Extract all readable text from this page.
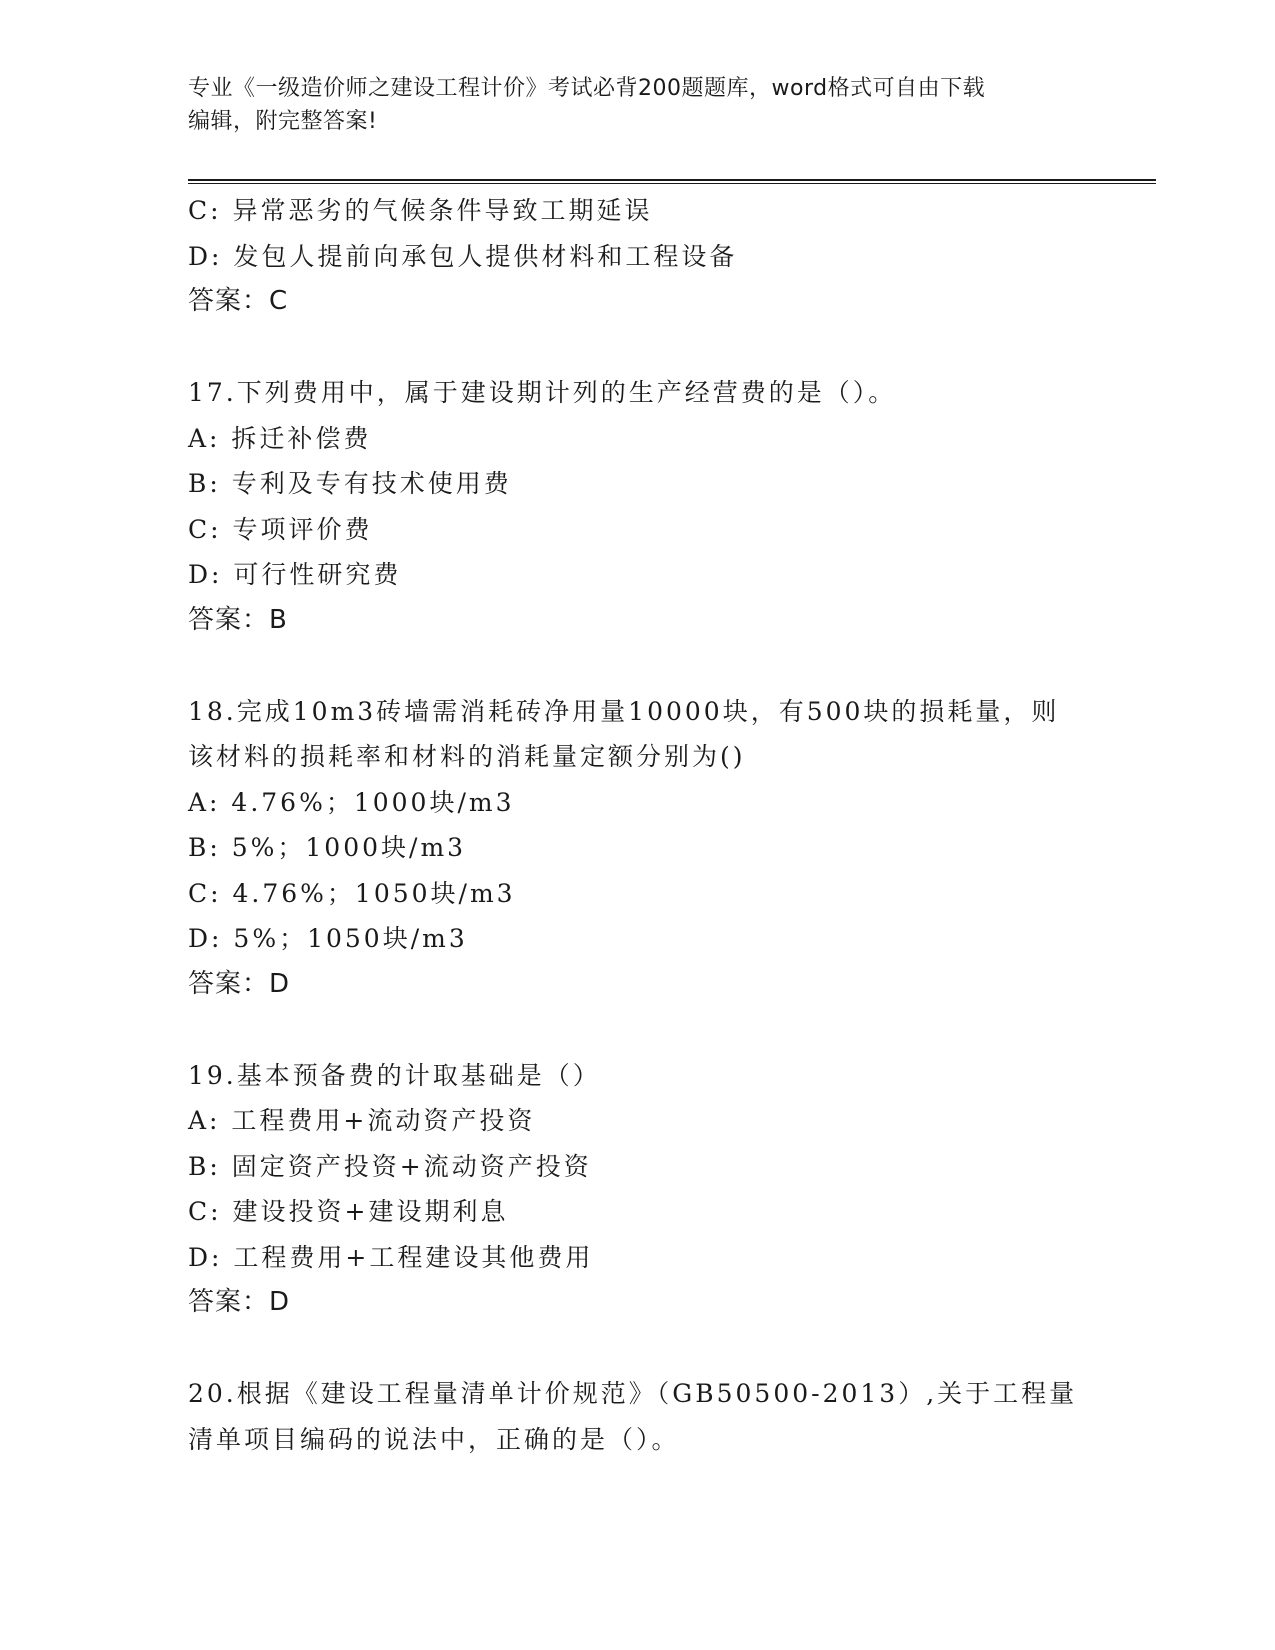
专业《一级造价师之建设工程计价》考试必背200题题库，word格式可自由下载
编辑，附完整答案!
C: 异常恶劣的气候条件导致工期延误
D: 发包人提前向承包人提供材料和工程设备
答案：C
17.下列费用中，属于建设期计列的生产经营费的是（）。
A: 拆迁补偿费
B: 专利及专有技术使用费
C: 专项评价费
D: 可行性研究费
答案：B
18.完成10m3砖墙需消耗砖净用量10000块，有500块的损耗量，则
该材料的损耗率和材料的消耗量定额分别为()
A: 4.76%；1000块/m3
B: 5%；1000块/m3
C: 4.76%；1050块/m3
D: 5%；1050块/m3
答案：D
19.基本预备费的计取基础是（）
A: 工程费用+流动资产投资
B: 固定资产投资+流动资产投资
C: 建设投资+建设期利息
D: 工程费用+工程建设其他费用
答案：D
20.根据《建设工程量清单计价规范》（GB50500-2013）,关于工程量
清单项目编码的说法中，正确的是（）。
